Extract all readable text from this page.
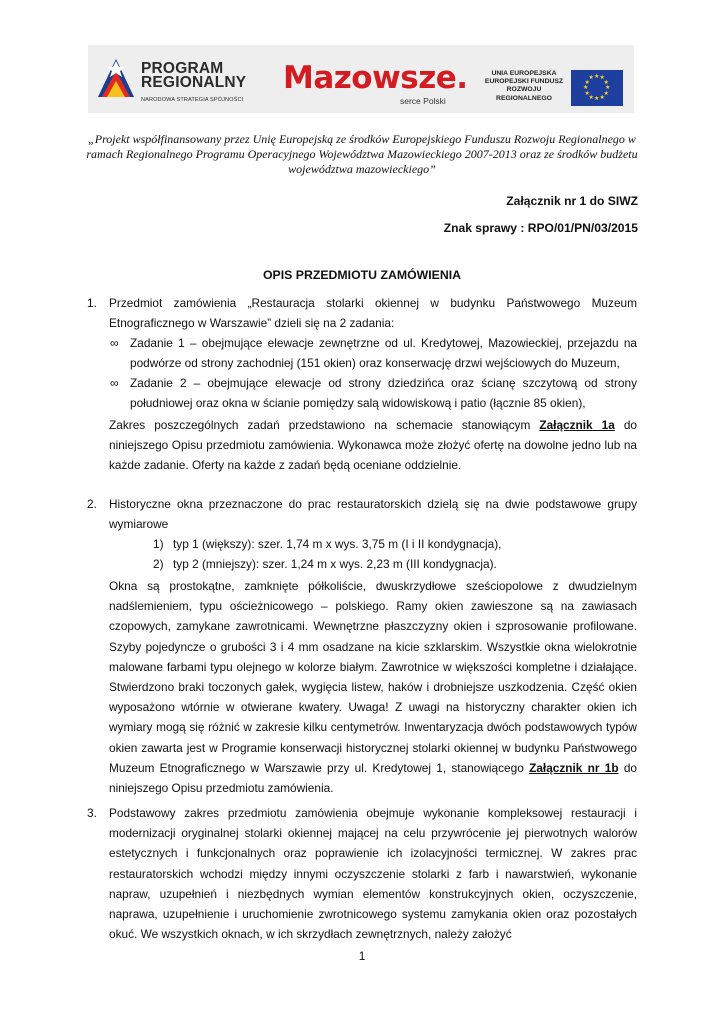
PROGRAM
REGIONALNY
NARODOWA STRATEGIA SPÓJNOŚCI
Mazowsze.
serce Polski
UNIA EUROPEJSKA
EUROPEJSKI FUNDUSZ
ROZWOJU REGIONALNEGO
★ ★
★
★
★
★
★
★
★
★
★
★
„Projekt współfinansowany przez Unię Europejską ze środków Europejskiego Funduszu Rozwoju Regionalnego w ramach Regionalnego Programu Operacyjnego Województwa Mazowieckiego 2007-2013 oraz ze środków budżetu województwa mazowieckiego”
Załącznik nr 1 do SIWZ
Znak sprawy : RPO/01/PN/03/2015
OPIS PRZEDMIOTU ZAMÓWIENIA
1. Przedmiot zamówienia „Restauracja stolarki okiennej w budynku Państwowego Muzeum
Etnograficznego w Warszawie” dzieli się na 2 zadania:
∞ Zadanie 1 – obejmujące elewacje zewnętrzne od ul. Kredytowej, Mazowieckiej, przejazdu na
podwórze od strony zachodniej (151 okien) oraz konserwację drzwi wejściowych do Muzeum,
∞ Zadanie 2 – obejmujące elewacje od strony dziedzińca oraz ścianę szczytową od strony
południowej oraz okna w ścianie pomiędzy salą widowiskową i patio (łącznie 85 okien),
Zakres poszczególnych zadań przedstawiono na schemacie stanowiącym Załącznik 1a do niniejszego Opisu przedmiotu zamówienia. Wykonawca może złożyć ofertę na dowolne jedno lub na każde zadanie. Oferty na każde z zadań będą oceniane oddzielnie.
2. Historyczne okna przeznaczone do prac restauratorskich dzielą się na dwie podstawowe grupy
wymiarowe
1) typ 1 (większy): szer. 1,74 m x wys. 3,75 m (I i II kondygnacja),
2) typ 2 (mniejszy): szer. 1,24 m x wys. 2,23 m (III kondygnacja).
Okna są prostokątne, zamknięte półkoliście, dwuskrzydłowe sześciopolowe z dwudzielnym nadślemieniem, typu ościeżnicowego – polskiego. Ramy okien zawieszone są na zawiasach czopowych, zamykane zawrotnicami. Wewnętrzne płaszczyzny okien i szprosowanie profilowane. Szyby pojedyncze o grubości 3 i 4 mm osadzane na kicie szklarskim. Wszystkie okna wielokrotnie malowane farbami typu olejnego w kolorze białym. Zawrotnice w większości kompletne i działające. Stwierdzono braki toczonych gałek, wygięcia listew, haków i drobniejsze uszkodzenia. Część okien wyposażono wtórnie w otwierane kwatery. Uwaga! Z uwagi na historyczny charakter okien ich wymiary mogą się różnić w zakresie kilku centymetrów. Inwentaryzacja dwóch podstawowych typów okien zawarta jest w Programie konserwacji historycznej stolarki okiennej w budynku Państwowego Muzeum Etnograficznego w Warszawie przy ul. Kredytowej 1, stanowiącego Załącznik nr 1b do niniejszego Opisu przedmiotu zamówienia.
3. Podstawowy zakres przedmiotu zamówienia obejmuje wykonanie kompleksowej restauracji i modernizacji oryginalnej stolarki okiennej mającej na celu przywrócenie jej pierwotnych walorów estetycznych i funkcjonalnych oraz poprawienie ich izolacyjności termicznej. W zakres prac restauratorskich wchodzi między innymi oczyszczenie stolarki z farb i nawarstwień, wykonanie napraw, uzupełnień i niezbędnych wymian elementów konstrukcyjnych okien, oczyszczenie, naprawa, uzupełnienie i uruchomienie zwrotnicowego systemu zamykania okien oraz pozostałych okuć. We wszystkich oknach, w ich skrzydłach zewnętrznych, należy założyć
1
